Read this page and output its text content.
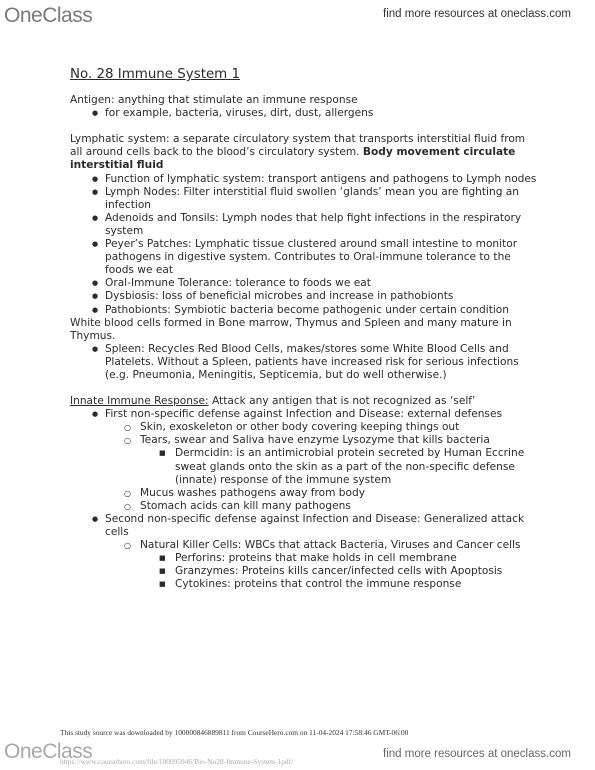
OneClass	find more resources at oneclass.com
No. 28 Immune System 1

Antigen: anything that stimulate an immune response

● for example, bacteria, viruses, dirt, dust, allergens

Lymphatic system: a separate circulatory system that transports interstitial fluid from all around cells back to the blood’s circulatory system. Body movement circulate interstitial fluid

● Function of lymphatic system: transport antigens and pathogens to Lymph nodes
● Lymph Nodes: Filter interstitial fluid swollen ‘glands’ mean you are fighting an infection
● Adenoids and Tonsils: Lymph nodes that help fight infections in the respiratory system
● Peyer’s Patches: Lymphatic tissue clustered around small intestine to monitor pathogens in digestive system. Contributes to Oral-immune tolerance to the foods we eat
● Oral-Immune Tolerance: tolerance to foods we eat
● Dysbiosis: loss of beneficial microbes and increase in pathobionts
● Pathobionts: Symbiotic bacteria become pathogenic under certain condition

White blood cells formed in Bone marrow, Thymus and Spleen and many mature in Thymus.

● Spleen: Recycles Red Blood Cells, makes/stores some White Blood Cells and Platelets. Without a Spleen, patients have increased risk for serious infections (e.g. Pneumonia, Meningitis, Septicemia, but do well otherwise.)

Innate Immune Response: Attack any antigen that is not recognized as ‘self’

● First non-specific defense against Infection and Disease: external defenses
○ Skin, exoskeleton or other body covering keeping things out
○ Tears, swear and Saliva have enzyme Lysozyme that kills bacteria
■ Dermcidin: is an antimicrobial protein secreted by Human Eccrine sweat glands onto the skin as a part of the non-specific defense (innate) response of the immune system
○ Mucus washes pathogens away from body
○ Stomach acids can kill many pathogens
● Second non-specific defense against Infection and Disease: Generalized attack cells
○ Natural Killer Cells: WBCs that attack Bacteria, Viruses and Cancer cells
■ Perforins: proteins that make holds in cell membrane
■ Granzymes: Proteins kills cancer/infected cells with Apoptosis
■ Cytokines: proteins that control the immune response
This study source was downloaded by 100000846889811 from CourseHero.com on 11-04-2024 17:58:46 GMT-06:00
OneClass	find more resources at oneclass.com
https://www.coursehero.com/file/100095946/Bio-No28-Immune-System-1pdf/
